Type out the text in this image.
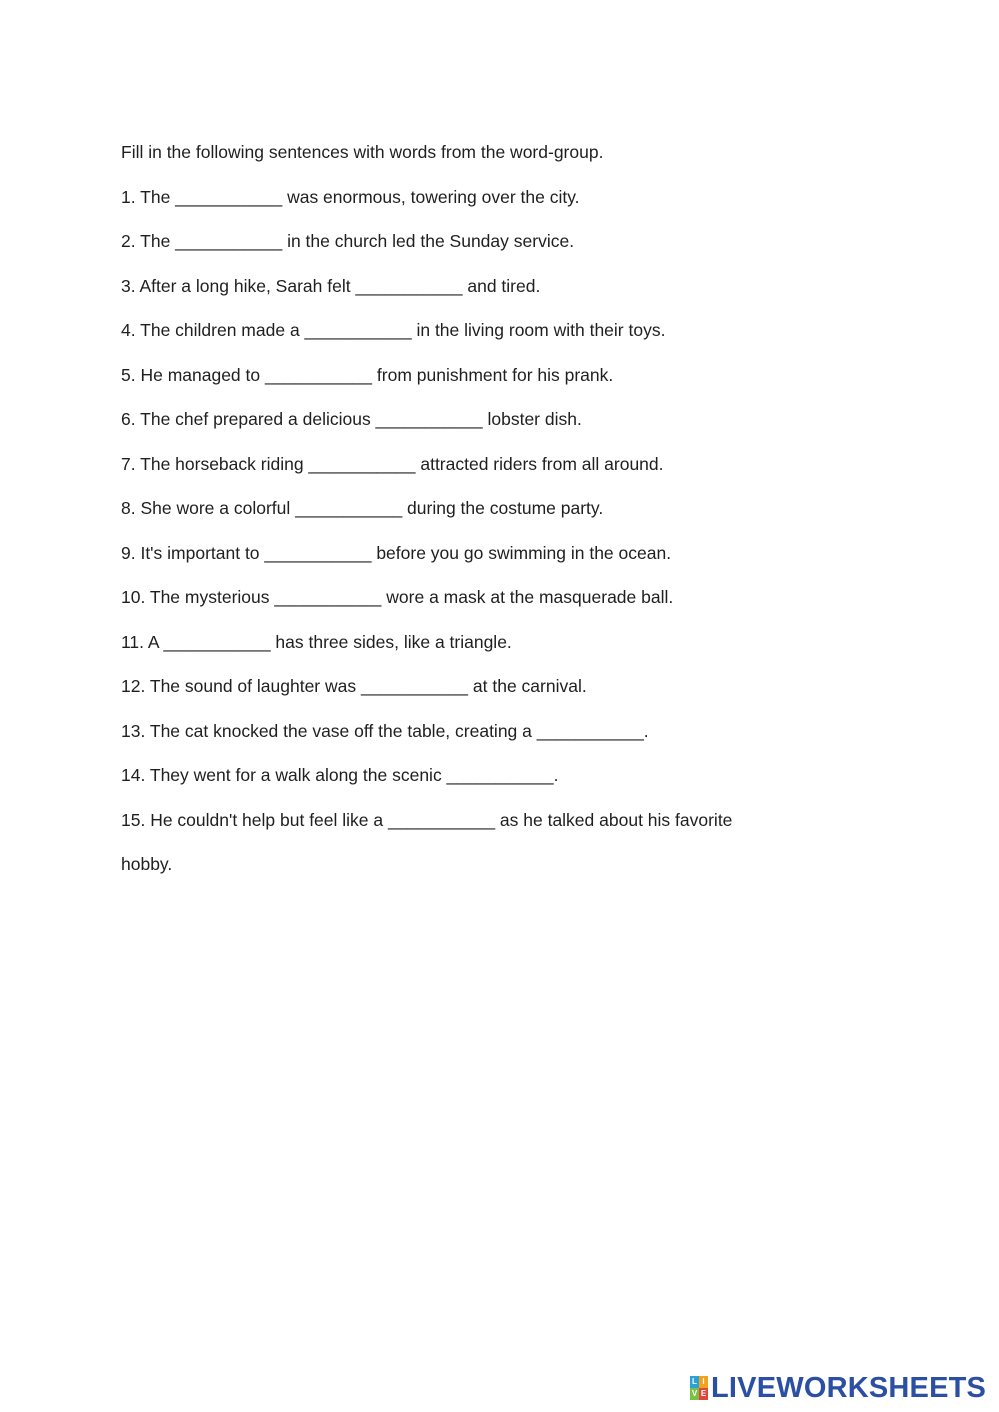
Fill in the following sentences with words from the word-group.
1. The ___________ was enormous, towering over the city.
2. The ___________ in the church led the Sunday service.
3. After a long hike, Sarah felt ___________ and tired.
4. The children made a ___________ in the living room with their toys.
5. He managed to ___________ from punishment for his prank.
6. The chef prepared a delicious ___________ lobster dish.
7. The horseback riding ___________ attracted riders from all around.
8. She wore a colorful ___________ during the costume party.
9. It's important to ___________ before you go swimming in the ocean.
10. The mysterious ___________ wore a mask at the masquerade ball.
11. A ___________ has three sides, like a triangle.
12. The sound of laughter was ___________ at the carnival.
13. The cat knocked the vase off the table, creating a ___________.
14. They went for a walk along the scenic ___________.
15. He couldn't help but feel like a ___________ as he talked about his favorite
hobby.
L I
V E LIVEWORKSHEETS
